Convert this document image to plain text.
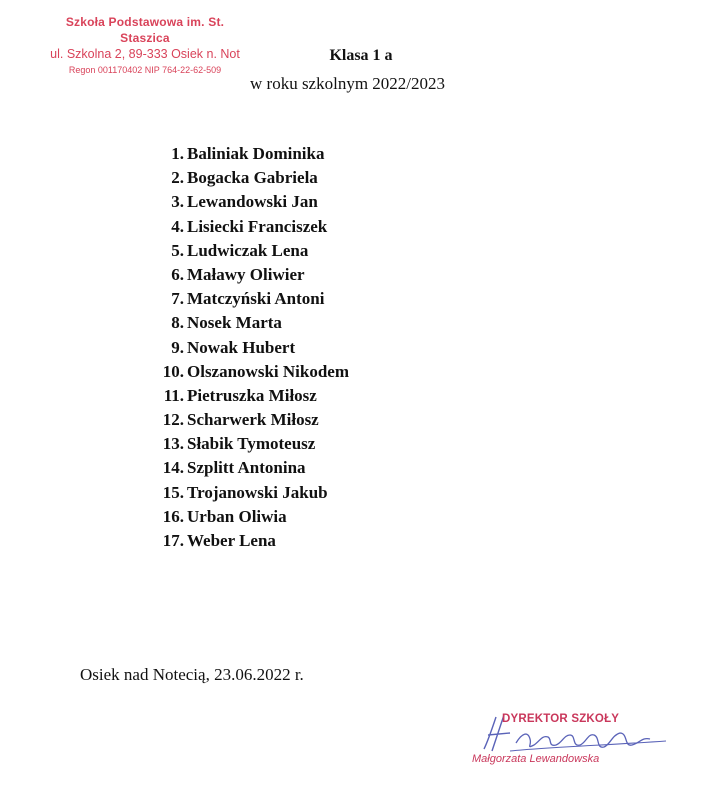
Szkoła Podstawowa im. St. Staszica
ul. Szkolna 2, 89-333 Osiek n. Not
Regon 001170402 NIP 764-22-62-509
Klasa 1 a
w roku szkolnym 2022/2023
1. Baliniak Dominika
2. Bogacka Gabriela
3. Lewandowski Jan
4. Lisiecki Franciszek
5. Ludwiczak Lena
6. Maławy Oliwier
7. Matczyński Antoni
8. Nosek Marta
9. Nowak Hubert
10. Olszanowski Nikodem
11. Pietruszka Miłosz
12. Scharwerk Miłosz
13. Słabik Tymoteusz
14. Szplitt Antonina
15. Trojanowski Jakub
16. Urban Oliwia
17. Weber Lena
Osiek nad Notecią, 23.06.2022 r.
DYREKTOR SZKOŁY
Małgorzata Lewandowska
